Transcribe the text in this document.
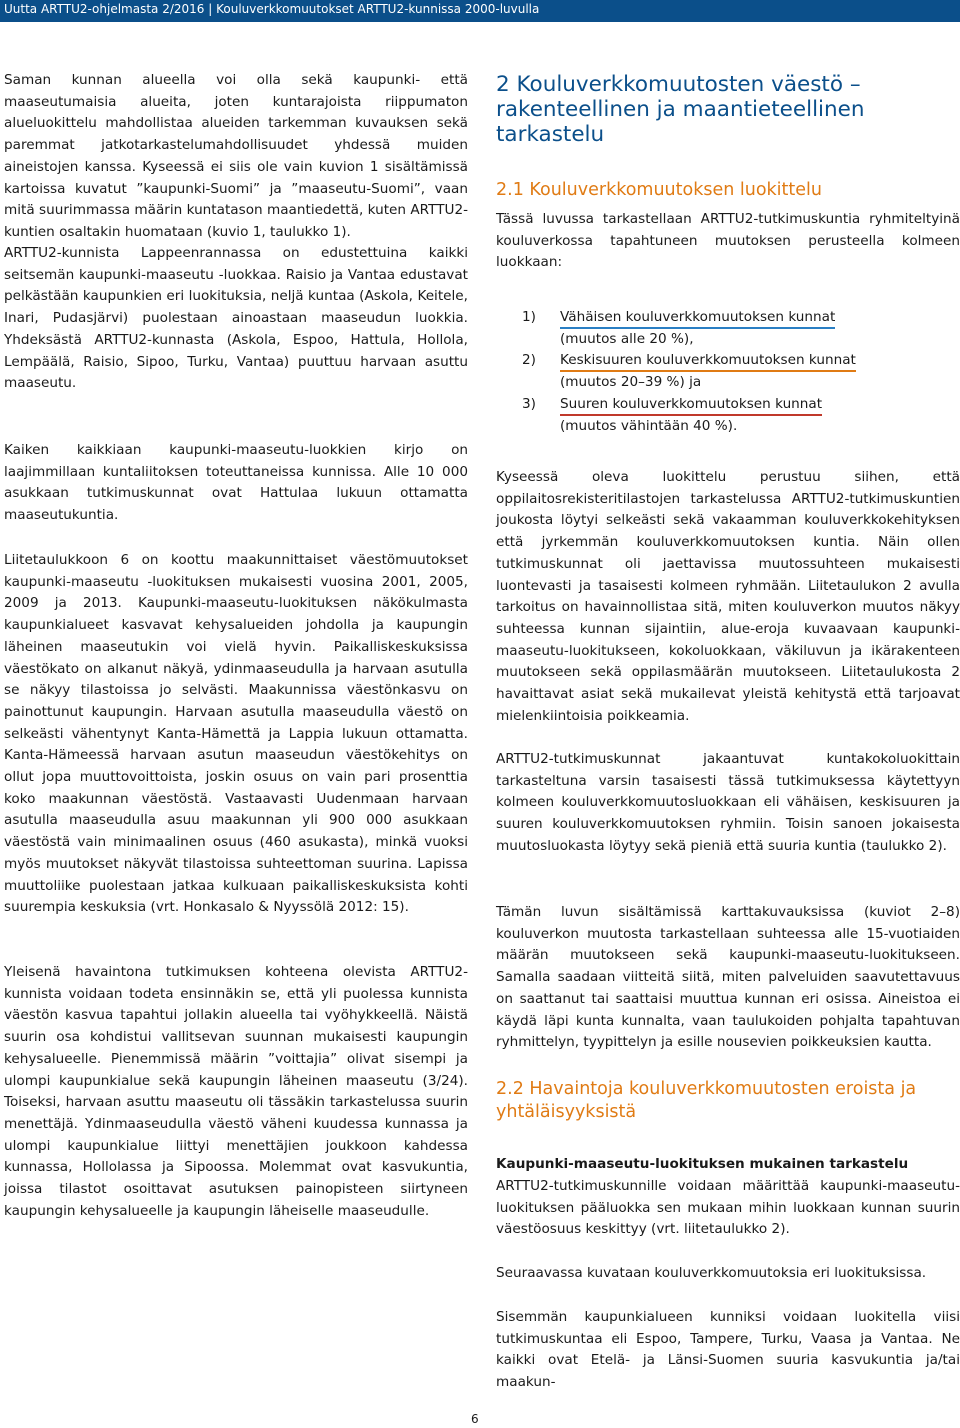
Uutta ARTTU2-ohjelmasta 2/2016 | Kouluverkkomuutokset ARTTU2-kunnissa 2000-luvulla

Saman kunnan alueella voi olla sekä kaupunki- että maaseutumaisia alueita, joten kuntarajoista riippumaton alueluokittelu mahdollistaa alueiden tarkemman kuvauksen sekä paremmat jatkotarkastelumahdollisuudet yhdessä muiden aineistojen kanssa. Kyseessä ei siis ole vain kuvion 1 sisältämissä kartoissa kuvatut ”kaupunki-Suomi” ja ”maaseutu-Suomi”, vaan mitä suurimmassa määrin kuntatason maantiedettä, kuten ARTTU2-kuntien osaltakin huomataan (kuvio 1, taulukko 1).

ARTTU2-kunnista Lappeenrannassa on edustettuina kaikki seitsemän kaupunki-maaseutu -luokkaa. Raisio ja Vantaa edustavat pelkästään kaupunkien eri luokituksia, neljä kuntaa (Askola, Keitele, Inari, Pudasjärvi) puolestaan ainoastaan maaseudun luokkia. Yhdeksästä ARTTU2-kunnasta (Askola, Espoo, Hattula, Hollola, Lempäälä, Raisio, Sipoo, Turku, Vantaa) puuttuu harvaan asuttu maaseutu.

Kaiken kaikkiaan kaupunki-maaseutu-luokkien kirjo on laajimmillaan kuntaliitoksen toteuttaneissa kunnissa. Alle 10 000 asukkaan tutkimuskunnat ovat Hattulaa lukuun ottamatta maaseutukuntia.

Liitetaulukkoon 6 on koottu maakunnittaiset väestömuutokset kaupunki-maaseutu -luokituksen mukaisesti vuosina 2001, 2005, 2009 ja 2013. Kaupunki-maaseutu-luokituksen näkökulmasta kaupunkialueet kasvavat kehysalueiden johdolla ja kaupungin läheinen maaseutukin voi vielä hyvin. Paikalliskeskuksissa väestökato on alkanut näkyä, ydinmaaseudulla ja harvaan asutulla se näkyy tilastoissa jo selvästi. Maakunnissa väestönkasvu on painottunut kaupungin. Harvaan asutulla maaseudulla väestö on selkeästi vähentynyt Kanta-Hämettä ja Lappia lukuun ottamatta. Kanta-Hämeessä harvaan asutun maaseudun väestökehitys on ollut jopa muuttovoittoista, joskin osuus on vain pari prosenttia koko maakunnan väestöstä. Vastaavasti Uudenmaan harvaan asutulla maaseudulla asuu maakunnan yli 900 000 asukkaan väestöstä vain minimaalinen osuus (460 asukasta), minkä vuoksi myös muutokset näkyvät tilastoissa suhteettoman suurina. Lapissa muuttoliike puolestaan jatkaa kulkuaan paikalliskeskuksista kohti suurempia keskuksia (vrt. Honkasalo & Nyyssölä 2012: 15).

Yleisenä havaintona tutkimuksen kohteena olevista ARTTU2-kunnista voidaan todeta ensinnäkin se, että yli puolessa kunnista väestön kasvua tapahtui jollakin alueella tai vyöhykkeellä. Näistä suurin osa kohdistui vallitsevan suunnan mukaisesti kaupungin kehysalueelle. Pienemmissä määrin ”voittajia” olivat sisempi ja ulompi kaupunkialue sekä kaupungin läheinen maaseutu (3/24). Toiseksi, harvaan asuttu maaseutu oli tässäkin tarkastelussa suurin menettäjä. Ydinmaaseudulla väestö väheni kuudessa kunnassa ja ulompi kaupunkialue liittyi menettäjien joukkoon kahdessa kunnassa, Hollolassa ja Sipoossa. Molemmat ovat kasvukuntia, joissa tilastot osoittavat asutuksen painopisteen siirtyneen kaupungin kehysalueelle ja kaupungin läheiselle maaseudulle.

2 Kouluverkkomuutosten väestö – rakenteellinen ja maantieteellinen tarkastelu
2.1 Kouluverkkomuutoksen luokittelu

Tässä luvussa tarkastellaan ARTTU2-tutkimuskuntia ryhmiteltyinä kouluverkossa tapahtuneen muutoksen perusteella kolmeen luokkaan:

1) Vähäisen kouluverkkomuutoksen kunnat
(muutos alle 20 %),
2) Keskisuuren kouluverkkomuutoksen kunnat
(muutos 20–39 %) ja
3) Suuren kouluverkkomuutoksen kunnat
(muutos vähintään 40 %).

Kyseessä oleva luokittelu perustuu siihen, että oppilaitosrekisteritilastojen tarkastelussa ARTTU2-tutkimuskuntien joukosta löytyi selkeästi sekä vakaamman kouluverkkokehityksen että jyrkemmän kouluverkkomuutoksen kuntia. Näin ollen tutkimuskunnat oli jaettavissa muutossuhteen mukaisesti luontevasti ja tasaisesti kolmeen ryhmään. Liitetaulukon 2 avulla tarkoitus on havainnollistaa sitä, miten kouluverkon muutos näkyy suhteessa kunnan sijaintiin, alue-eroja kuvaavaan kaupunki-maaseutu-luokitukseen, kokoluokkaan, väkiluvun ja ikärakenteen muutokseen sekä oppilasmäärän muutokseen. Liitetaulukosta 2 havaittavat asiat sekä mukailevat yleistä kehitystä että tarjoavat mielenkiintoisia poikkeamia.

ARTTU2-tutkimuskunnat jakaantuvat kuntakokoluokittain tarkasteltuna varsin tasaisesti tässä tutkimuksessa käytettyyn kolmeen kouluverkkomuutosluokkaan eli vähäisen, keskisuuren ja suuren kouluverkkomuutoksen ryhmiin. Toisin sanoen jokaisesta muutosluokasta löytyy sekä pieniä että suuria kuntia (taulukko 2).

Tämän luvun sisältämissä karttakuvauksissa (kuviot 2–8) kouluverkon muutosta tarkastellaan suhteessa alle 15-vuotiaiden määrän muutokseen sekä kaupunki-maaseutu-luokitukseen. Samalla saadaan viitteitä siitä, miten palveluiden saavutettavuus on saattanut tai saattaisi muuttua kunnan eri osissa. Aineistoa ei käydä läpi kunta kunnalta, vaan taulukoiden pohjalta tapahtuvan ryhmittelyn, tyypittelyn ja esille nousevien poikkeuksien kautta.

2.2 Havaintoja kouluverkkomuutosten eroista ja yhtäläisyyksistä

Kaupunki-maaseutu-luokituksen mukainen tarkastelu

ARTTU2-tutkimuskunnille voidaan määrittää kaupunki-maaseutu-luokituksen pääluokka sen mukaan mihin luokkaan kunnan suurin väestöosuus keskittyy (vrt. liitetaulukko 2).

Seuraavassa kuvataan kouluverkkomuutoksia eri luokituksissa.

Sisemmän kaupunkialueen kunniksi voidaan luokitella viisi tutkimuskuntaa eli Espoo, Tampere, Turku, Vaasa ja Vantaa. Ne kaikki ovat Etelä- ja Länsi-Suomen suuria kasvukuntia ja/tai maakun-

6
